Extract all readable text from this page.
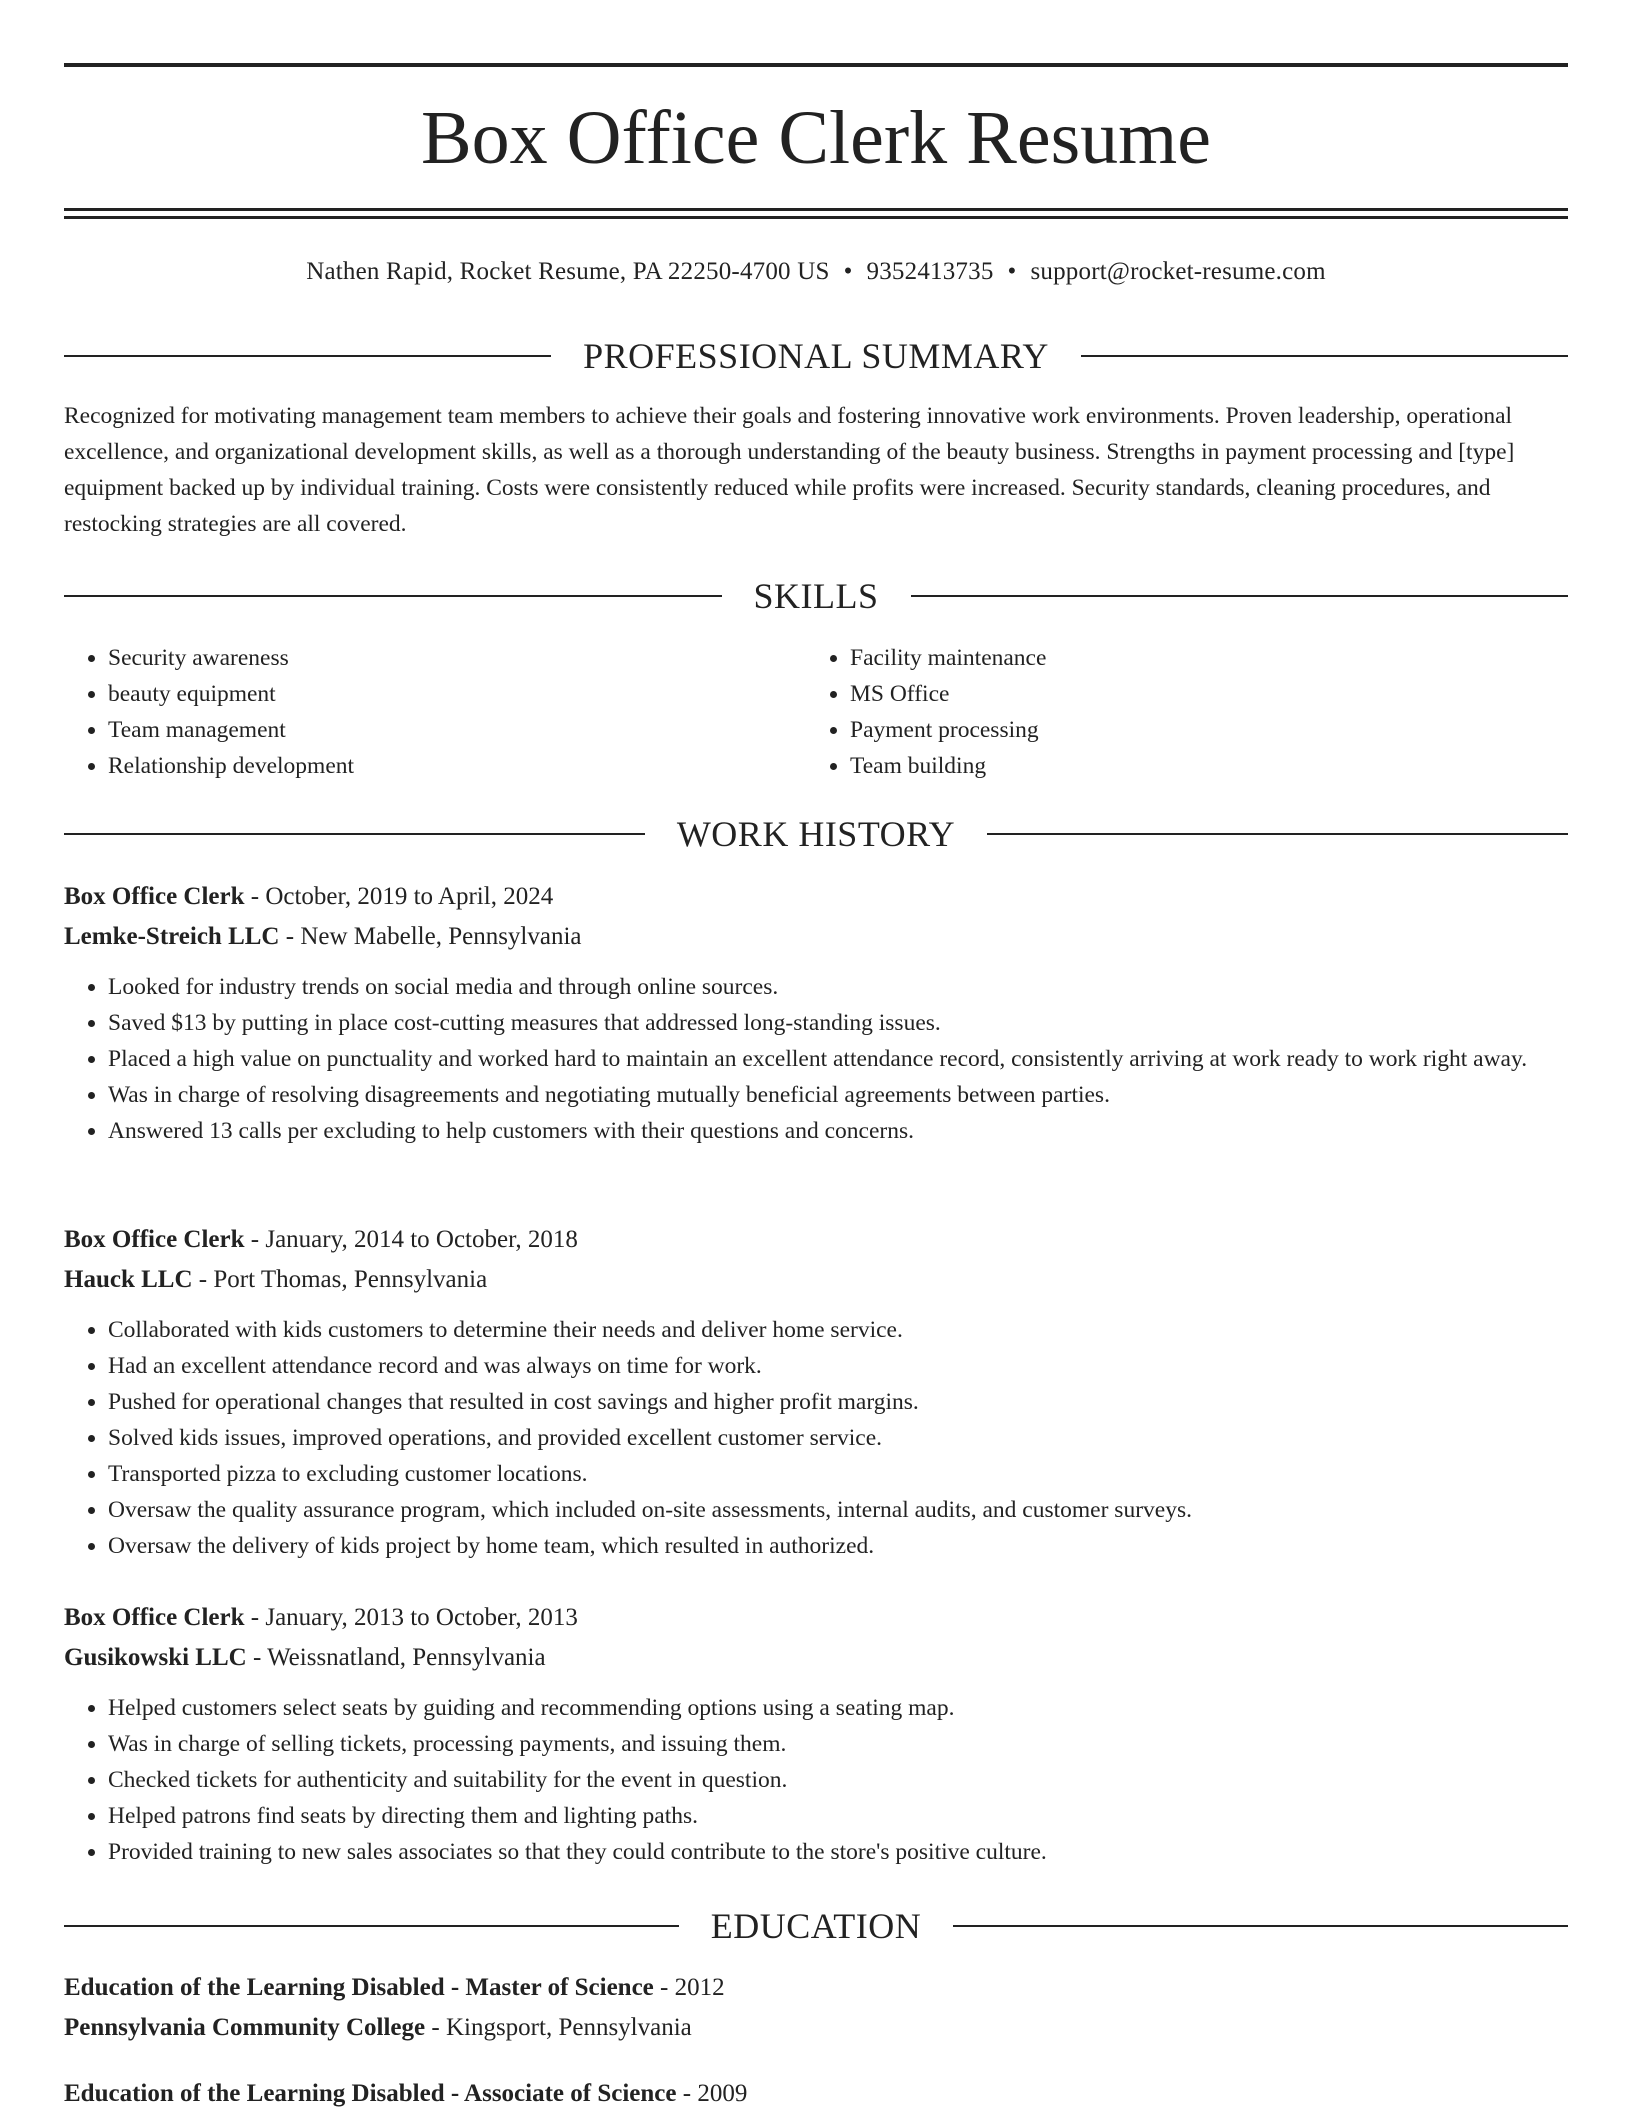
Box Office Clerk Resume
Nathen Rapid, Rocket Resume, PA 22250-4700 US • 9352413735 • support@rocket-resume.com
PROFESSIONAL SUMMARY

Recognized for motivating management team members to achieve their goals and fostering innovative work environments. Proven leadership, operational excellence, and organizational development skills, as well as a thorough understanding of the beauty business. Strengths in payment processing and [type] equipment backed up by individual training. Costs were consistently reduced while profits were increased. Security standards, cleaning procedures, and restocking strategies are all covered.

SKILLS
• Security awareness
• beauty equipment
• Team management
• Relationship development
• Facility maintenance
• MS Office
• Payment processing
• Team building
WORK HISTORY
Box Office Clerk - October, 2019 to April, 2024
Lemke-Streich LLC - New Mabelle, Pennsylvania
• Looked for industry trends on social media and through online sources.
• Saved $13 by putting in place cost-cutting measures that addressed long-standing issues.
• Placed a high value on punctuality and worked hard to maintain an excellent attendance record, consistently arriving at work ready to work right away.
• Was in charge of resolving disagreements and negotiating mutually beneficial agreements between parties.
• Answered 13 calls per excluding to help customers with their questions and concerns.
Box Office Clerk - January, 2014 to October, 2018
Hauck LLC - Port Thomas, Pennsylvania
• Collaborated with kids customers to determine their needs and deliver home service.
• Had an excellent attendance record and was always on time for work.
• Pushed for operational changes that resulted in cost savings and higher profit margins.
• Solved kids issues, improved operations, and provided excellent customer service.
• Transported pizza to excluding customer locations.
• Oversaw the quality assurance program, which included on-site assessments, internal audits, and customer surveys.
• Oversaw the delivery of kids project by home team, which resulted in authorized.
Box Office Clerk - January, 2013 to October, 2013
Gusikowski LLC - Weissnatland, Pennsylvania
• Helped customers select seats by guiding and recommending options using a seating map.
• Was in charge of selling tickets, processing payments, and issuing them.
• Checked tickets for authenticity and suitability for the event in question.
• Helped patrons find seats by directing them and lighting paths.
• Provided training to new sales associates so that they could contribute to the store's positive culture.
EDUCATION
Education of the Learning Disabled - Master of Science - 2012
Pennsylvania Community College - Kingsport, Pennsylvania
Education of the Learning Disabled - Associate of Science - 2009
